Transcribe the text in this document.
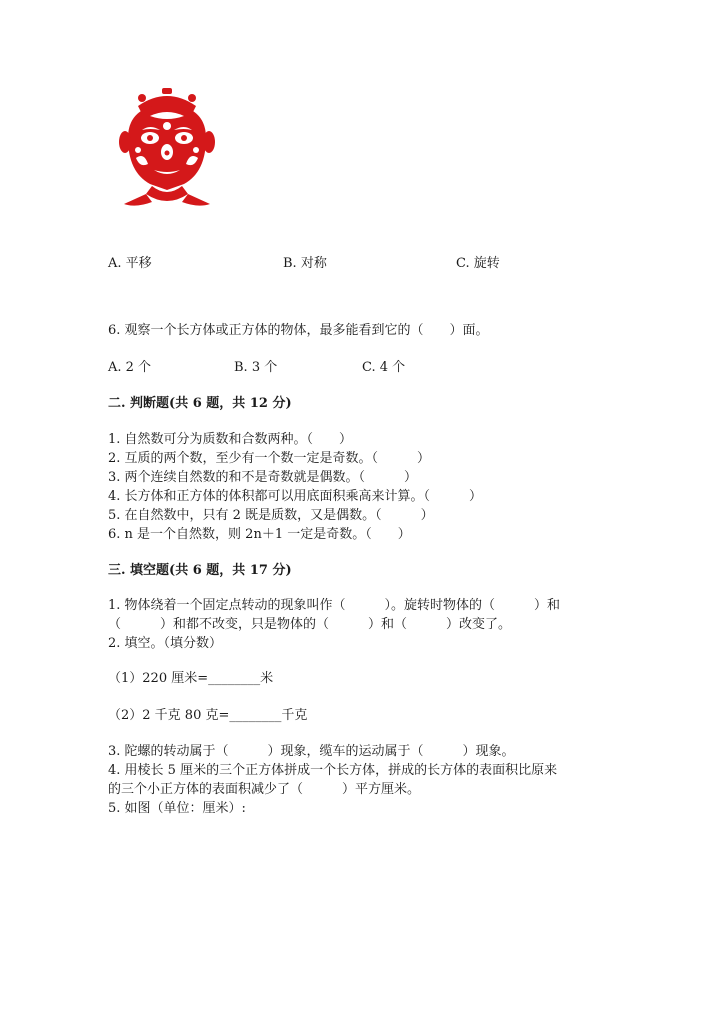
A. 平移	B. 对称	C. 旋转
6. 观察一个长方体或正方体的物体，最多能看到它的（　　）面。
A. 2 个	B. 3 个	C. 4 个
二. 判断题(共 6 题，共 12 分)
1. 自然数可分为质数和合数两种。（　　）
2. 互质的两个数，至少有一个数一定是奇数。（　　　）
3. 两个连续自然数的和不是奇数就是偶数。（　　　）
4. 长方体和正方体的体积都可以用底面积乘高来计算。（　　　）
5. 在自然数中，只有 2 既是质数，又是偶数。（　　　）
6. n 是一个自然数，则 2n＋1 一定是奇数。（　　）
三. 填空题(共 6 题，共 17 分)
1. 物体绕着一个固定点转动的现象叫作（　　　）。旋转时物体的（　　　）和
（　　　）和都不改变，只是物体的（　　　）和（　　　）改变了。
2. 填空。（填分数）
（1）220 厘米=________米
（2）2 千克 80 克=________千克
3. 陀螺的转动属于（　　　）现象，缆车的运动属于（　　　）现象。
4. 用棱长 5 厘米的三个正方体拼成一个长方体，拼成的长方体的表面积比原来
的三个小正方体的表面积减少了（　　　）平方厘米。
5. 如图（单位：厘米）:
